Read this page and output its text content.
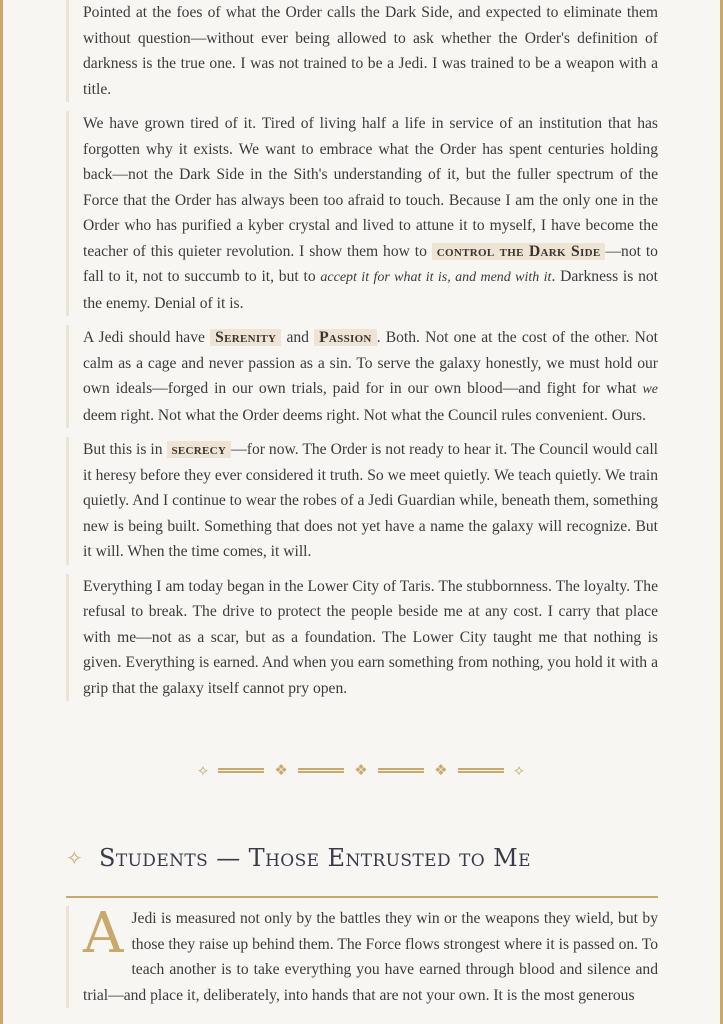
Pointed at the foes of what the Order calls the Dark Side, and expected to eliminate them without question—without ever being allowed to ask whether the Order's definition of darkness is the true one. I was not trained to be a Jedi. I was trained to be a weapon with a title.

We have grown tired of it. Tired of living half a life in service of an institution that has forgotten why it exists. We want to embrace what the Order has spent centuries holding back—not the Dark Side in the Sith's understanding of it, but the fuller spectrum of the Force that the Order has always been too afraid to touch. Because I am the only one in the Order who has purified a kyber crystal and lived to attune it to myself, I have become the teacher of this quieter revolution. I show them how to control the Dark Side —not to fall to it, not to succumb to it, but to accept it for what it is, and mend with it. Darkness is not the enemy. Denial of it is.

A Jedi should have Serenity and Passion . Both. Not one at the cost of the other. Not calm as a cage and never passion as a sin. To serve the galaxy honestly, we must hold our own ideals—forged in our own trials, paid for in our own blood—and fight for what we deem right. Not what the Order deems right. Not what the Council rules convenient. Ours.

But this is in secrecy —for now. The Order is not ready to hear it. The Council would call it heresy before they ever considered it truth. So we meet quietly. We teach quietly. We train quietly. And I continue to wear the robes of a Jedi Guardian while, beneath them, something new is being built. Something that does not yet have a name the galaxy will recognize. But it will. When the time comes, it will.

Everything I am today began in the Lower City of Taris. The stubbornness. The loyalty. The refusal to break. The drive to protect the people beside me at any cost. I carry that place with me—not as a scar, but as a foundation. The Lower City taught me that nothing is given. Everything is earned. And when you earn something from nothing, you hold it with a grip that the galaxy itself cannot pry open.

⟡	❖	❖	❖	⟡
✧ Students — Those Entrusted to Me
A Jedi is measured not only by the battles they win or the weapons they wield, but by those they raise up behind them. The Force flows strongest where it is passed on. To teach another is to take everything you have earned through blood and silence and trial—and place it, deliberately, into hands that are not your own. It is the most generous
